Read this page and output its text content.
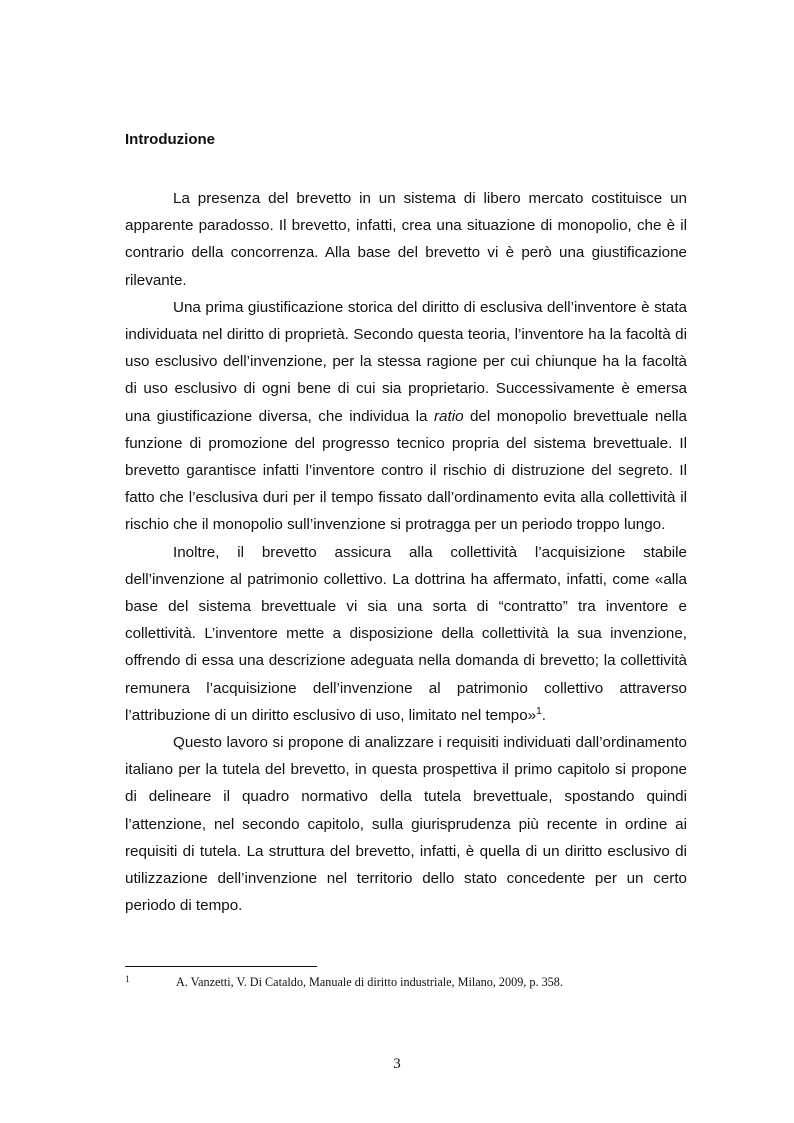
Introduzione

La presenza del brevetto in un sistema di libero mercato costituisce un apparente paradosso. Il brevetto, infatti, crea una situazione di monopolio, che è il contrario della concorrenza. Alla base del brevetto vi è però una giustificazione rilevante.

Una prima giustificazione storica del diritto di esclusiva dell’inventore è stata individuata nel diritto di proprietà. Secondo questa teoria, l’inventore ha la facoltà di uso esclusivo dell’invenzione, per la stessa ragione per cui chiunque ha la facoltà di uso esclusivo di ogni bene di cui sia proprietario. Successivamente è emersa una giustificazione diversa, che individua la ratio del monopolio brevettuale nella funzione di promozione del progresso tecnico propria del sistema brevettuale. Il brevetto garantisce infatti l’inventore contro il rischio di distruzione del segreto. Il fatto che l’esclusiva duri per il tempo fissato dall’ordinamento evita alla collettività il rischio che il monopolio sull’invenzione si protragga per un periodo troppo lungo.

Inoltre, il brevetto assicura alla collettività l’acquisizione stabile dell’invenzione al patrimonio collettivo. La dottrina ha affermato, infatti, come «alla base del sistema brevettuale vi sia una sorta di “contratto” tra inventore e collettività. L’inventore mette a disposizione della collettività la sua invenzione, offrendo di essa una descrizione adeguata nella domanda di brevetto; la collettività remunera l’acquisizione dell’invenzione al patrimonio collettivo attraverso l’attribuzione di un diritto esclusivo di uso, limitato nel tempo»$^1$.

Questo lavoro si propone di analizzare i requisiti individuati dall’ordinamento italiano per la tutela del brevetto, in questa prospettiva il primo capitolo si propone di delineare il quadro normativo della tutela brevettuale, spostando quindi l’attenzione, nel secondo capitolo, sulla giurisprudenza più recente in ordine ai requisiti di tutela. La struttura del brevetto, infatti, è quella di un diritto esclusivo di utilizzazione dell’invenzione nel territorio dello stato concedente per un certo periodo di tempo.

1	A. Vanzetti, V. Di Cataldo, Manuale di diritto industriale, Milano, 2009, p. 358.
3
